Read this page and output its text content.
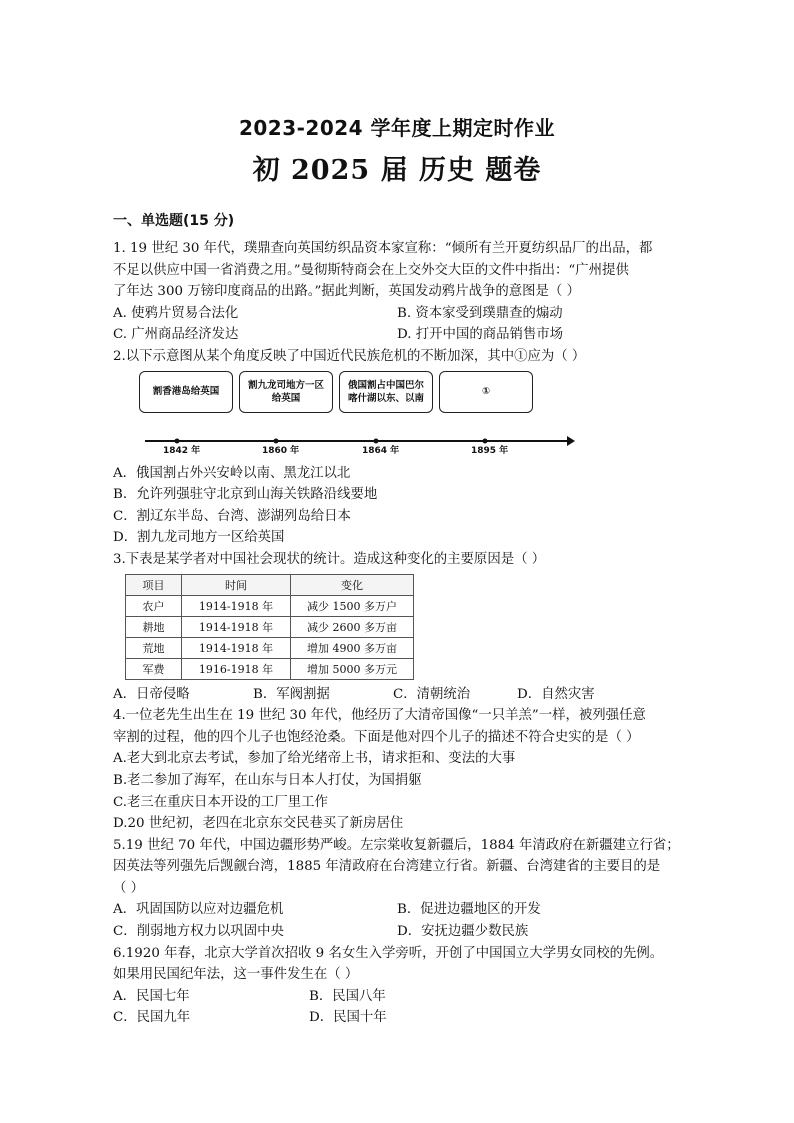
2023-2024 学年度上期定时作业
初 2025 届 历史 题卷
一、单选题(15 分)
1. 19 世纪 30 年代，璞鼎查向英国纺织品资本家宣称：“倾所有兰开夏纺织品厂的出品，都
不足以供应中国一省消费之用。”曼彻斯特商会在上交外交大臣的文件中指出：“广州提供
了年达 300 万镑印度商品的出路。”据此判断，英国发动鸦片战争的意图是（ ）
A. 使鸦片贸易合法化	B. 资本家受到璞鼎查的煽动
C. 广州商品经济发达	D. 打开中国的商品销售市场
2.以下示意图从某个角度反映了中国近代民族危机的不断加深，其中①应为（ ）
割香港岛给英国
割九龙司地方一区给英国
俄国割占中国巴尔喀什湖以东、以南
①
1842 年	1860 年	1864 年	1895 年
A．俄国割占外兴安岭以南、黑龙江以北
B．允许列强驻守北京到山海关铁路沿线要地
C．割辽东半岛、台湾、澎湖列岛给日本
D．割九龙司地方一区给英国
3.下表是某学者对中国社会现状的统计。造成这种变化的主要原因是（ ）
项目	时间	变化
农户	1914-1918 年	减少 1500 多万户
耕地	1914-1918 年	减少 2600 多万亩
荒地	1914-1918 年	增加 4900 多万亩
军费	1916-1918 年	增加 5000 多万元
A．日帝侵略	B．军阀割据	C．清朝统治	D．自然灾害
4.一位老先生出生在 19 世纪 30 年代，他经历了大清帝国像“一只羊羔”一样，被列强任意
宰割的过程，他的四个儿子也饱经沧桑。下面是他对四个儿子的描述不符合史实的是（ ）
A.老大到北京去考试，参加了给光绪帝上书，请求拒和、变法的大事
B.老二参加了海军，在山东与日本人打仗，为国捐躯
C.老三在重庆日本开设的工厂里工作
D.20 世纪初，老四在北京东交民巷买了新房居住
5.19 世纪 70 年代，中国边疆形势严峻。左宗棠收复新疆后，1884 年清政府在新疆建立行省；
因英法等列强先后觊觎台湾，1885 年清政府在台湾建立行省。新疆、台湾建省的主要目的是
（ ）
A．巩固国防以应对边疆危机	B．促进边疆地区的开发
C．削弱地方权力以巩固中央	D．安抚边疆少数民族
6.1920 年春，北京大学首次招收 9 名女生入学旁听，开创了中国国立大学男女同校的先例。
如果用民国纪年法，这一事件发生在（ ）
A．民国七年	B．民国八年
C．民国九年	D．民国十年
